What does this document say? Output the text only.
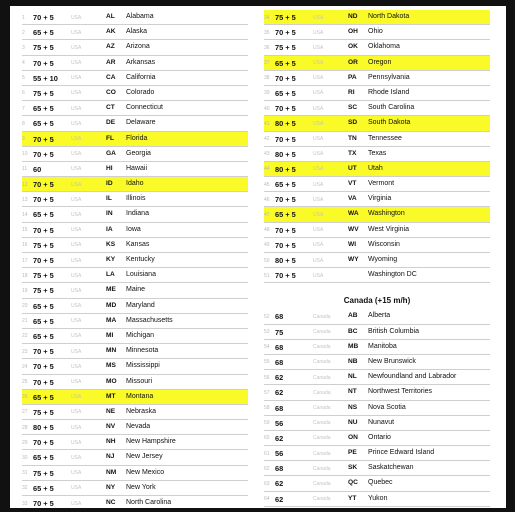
1 70 + 5	USA	AL Alabama
2 65 + 5	USA	AK Alaska
3 75 + 5	USA	AZ Arizona
4 70 + 5	USA	AR Arkansas
5 55 + 10	USA	CA California
6 75 + 5	USA	CO Colorado
7 65 + 5	USA	CT Connecticut
8 65 + 5	USA	DE Delaware
9 70 + 5	USA	FL Florida
10 70 + 5	USA	GA Georgia
11 60	USA	HI Hawaii
12 70 + 5	USA	ID Idaho
13 70 + 5	USA	IL Illinois
14 65 + 5	USA	IN Indiana
15 70 + 5	USA	IA Iowa
16 75 + 5	USA	KS Kansas
17 70 + 5	USA	KY Kentucky
18 75 + 5	USA	LA Louisiana
19 75 + 5	USA	ME Maine
20 65 + 5	USA	MD Maryland
21 65 + 5	USA	MA Massachusetts
22 65 + 5	USA	MI Michigan
23 70 + 5	USA	MN Minnesota
24 70 + 5	USA	MS Mississippi
25 70 + 5	USA	MO Missouri
26 65 + 5	USA	MT Montana
27 75 + 5	USA	NE Nebraska
28 80 + 5	USA	NV Nevada
29 70 + 5	USA	NH New Hampshire
30 65 + 5	USA	NJ New Jersey
31 75 + 5	USA	NM New Mexico
32 65 + 5	USA	NY New York
33 70 + 5	USA	NC North Carolina
34 75 + 5	USA	ND North Dakota
35 70 + 5	USA	OH Ohio
36 75 + 5	USA	OK Oklahoma
37 65 + 5	USA	OR Oregon
38 70 + 5	USA	PA Pennsylvania
39 65 + 5	USA	RI Rhode Island
40 70 + 5	USA	SC South Carolina
41 80 + 5	USA	SD South Dakota
42 70 + 5	USA	TN Tennessee
43 80 + 5	USA	TX Texas
44 80 + 5	USA	UT Utah
45 65 + 5	USA	VT Vermont
46 70 + 5	USA	VA Virginia
47 65 + 5	USA	WA Washington
48 70 + 5	USA	WV West Virginia
49 70 + 5	USA	WI Wisconsin
50 80 + 5	USA	WY Wyoming
51 70 + 5	USA	Washington DC
Canada (+15 m/h)
52 68	Canada	AB Alberta
53 75	Canada	BC British Columbia
54 68	Canada	MB Manitoba
55 68	Canada	NB New Brunswick
56 62	Canada	NL Newfoundland and Labrador
57 62	Canada	NT Northwest Territories
58 68	Canada	NS Nova Scotia
59 56	Canada	NU Nunavut
60 62	Canada	ON Ontario
61 56	Canada	PE Prince Edward Island
62 68	Canada	SK Saskatchewan
63 62	Canada	QC Quebec
64 62	Canada	YT Yukon
